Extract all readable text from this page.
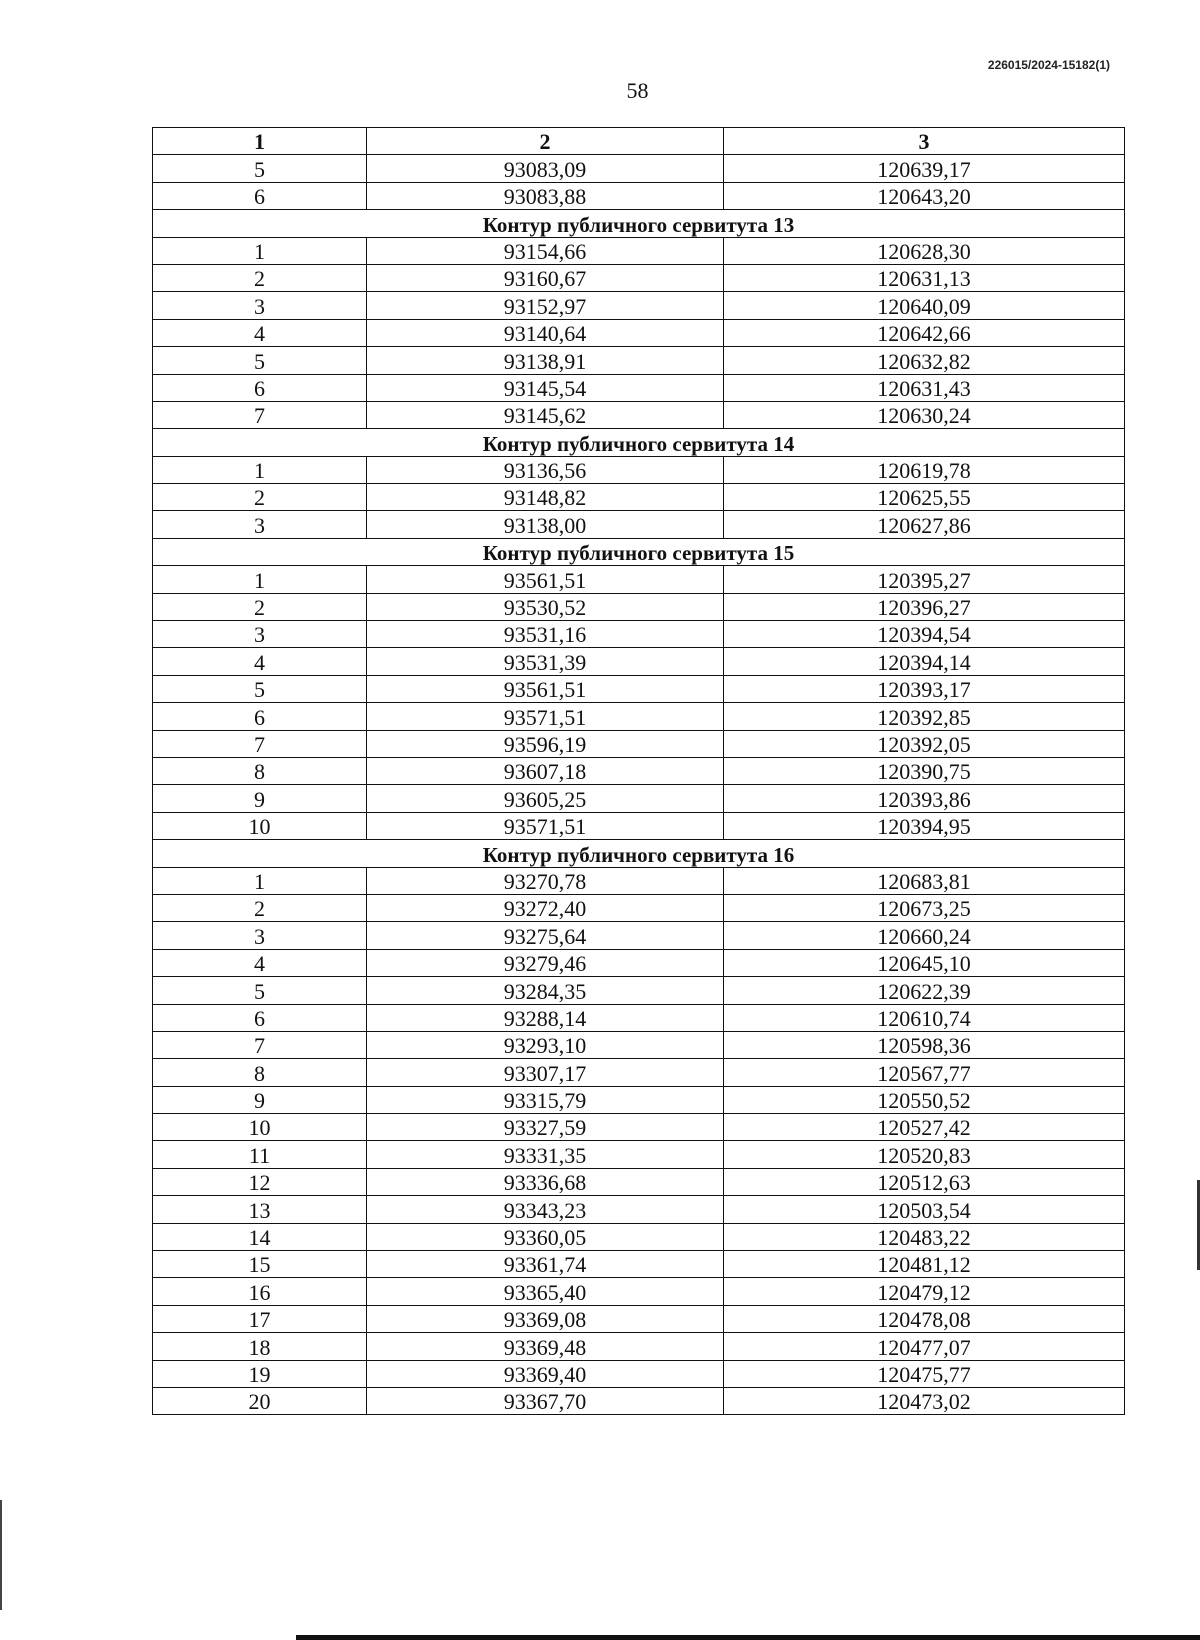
226015/2024-15182(1)
58
1	2	3
5	93083,09	120639,17
6	93083,88	120643,20
Контур публичного сервитута 13		
1	93154,66	120628,30
2	93160,67	120631,13
3	93152,97	120640,09
4	93140,64	120642,66
5	93138,91	120632,82
6	93145,54	120631,43
7	93145,62	120630,24
Контур публичного сервитута 14		
1	93136,56	120619,78
2	93148,82	120625,55
3	93138,00	120627,86
Контур публичного сервитута 15		
1	93561,51	120395,27
2	93530,52	120396,27
3	93531,16	120394,54
4	93531,39	120394,14
5	93561,51	120393,17
6	93571,51	120392,85
7	93596,19	120392,05
8	93607,18	120390,75
9	93605,25	120393,86
10	93571,51	120394,95
Контур публичного сервитута 16		
1	93270,78	120683,81
2	93272,40	120673,25
3	93275,64	120660,24
4	93279,46	120645,10
5	93284,35	120622,39
6	93288,14	120610,74
7	93293,10	120598,36
8	93307,17	120567,77
9	93315,79	120550,52
10	93327,59	120527,42
11	93331,35	120520,83
12	93336,68	120512,63
13	93343,23	120503,54
14	93360,05	120483,22
15	93361,74	120481,12
16	93365,40	120479,12
17	93369,08	120478,08
18	93369,48	120477,07
19	93369,40	120475,77
20	93367,70	120473,02
